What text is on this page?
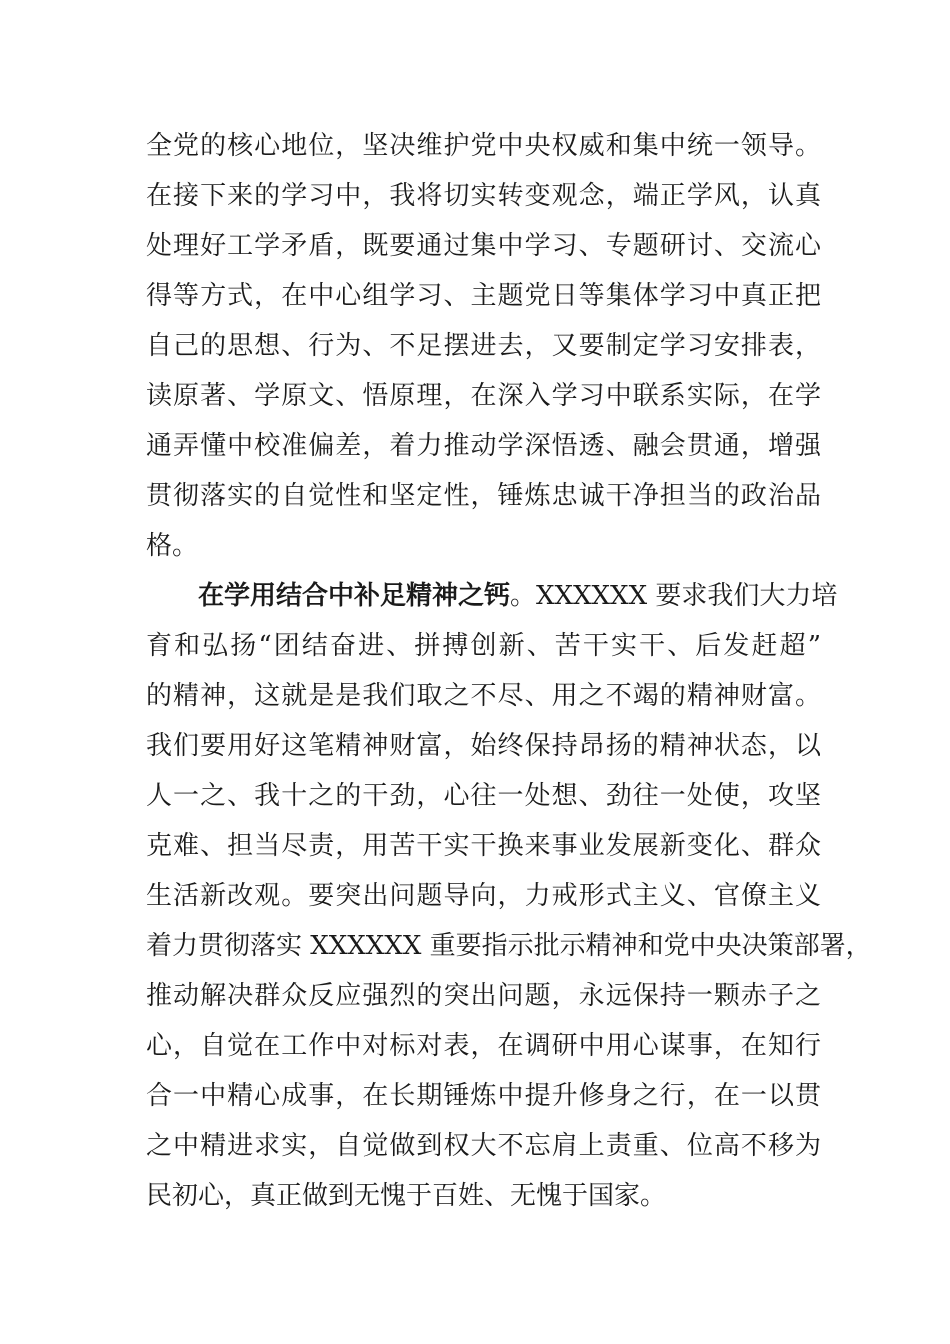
全党的核心地位，坚决维护党中央权威和集中统一领导。
在接下来的学习中，我将切实转变观念，端正学风，认真
处理好工学矛盾，既要通过集中学习、专题研讨、交流心
得等方式，在中心组学习、主题党日等集体学习中真正把
自己的思想、行为、不足摆进去，又要制定学习安排表，
读原著、学原文、悟原理，在深入学习中联系实际，在学
通弄懂中校准偏差，着力推动学深悟透、融会贯通，增强
贯彻落实的自觉性和坚定性，锤炼忠诚干净担当的政治品
格。
在学用结合中补足精神之钙。XXXXXX 要求我们大力培
育和弘扬“团结奋进、拼搏创新、苦干实干、后发赶超”
的精神，这就是是我们取之不尽、用之不竭的精神财富。
我们要用好这笔精神财富，始终保持昂扬的精神状态，以
人一之、我十之的干劲，心往一处想、劲往一处使，攻坚
克难、担当尽责，用苦干实干换来事业发展新变化、群众
生活新改观。要突出问题导向，力戒形式主义、官僚主义
着力贯彻落实 XXXXXX 重要指示批示精神和党中央决策部署，
推动解决群众反应强烈的突出问题，永远保持一颗赤子之
心，自觉在工作中对标对表，在调研中用心谋事，在知行
合一中精心成事，在长期锤炼中提升修身之行，在一以贯
之中精进求实，自觉做到权大不忘肩上责重、位高不移为
民初心，真正做到无愧于百姓、无愧于国家。
